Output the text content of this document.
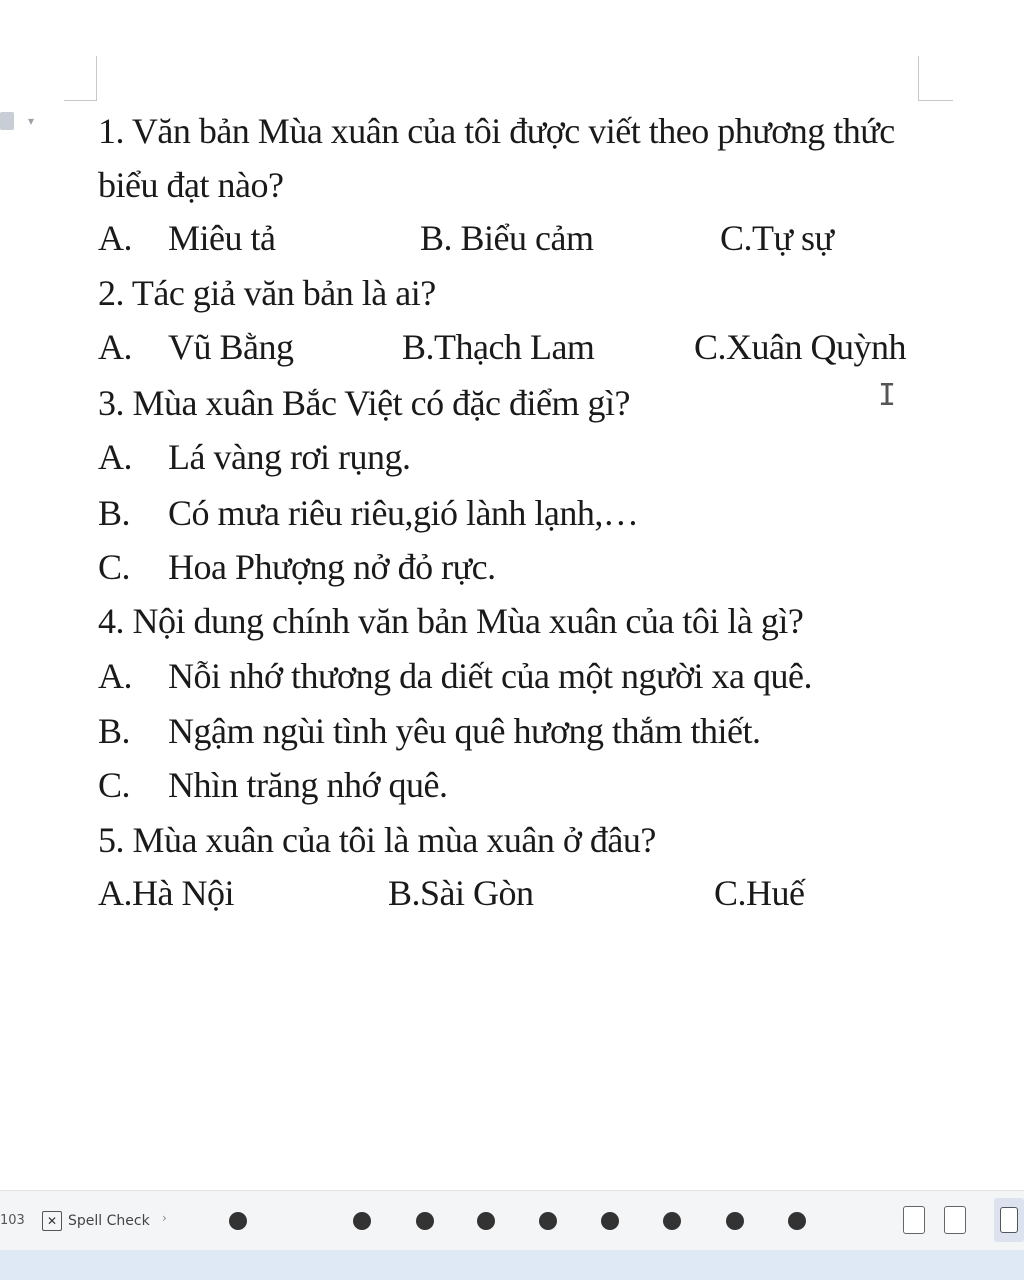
▾ 1. Văn bản Mùa xuân của tôi được viết theo phương thức
biểu đạt nào?
A. Miêu tả	B. Biểu cảm	C.Tự sự
2. Tác giả văn bản là ai?
A. Vũ Bằng	B.Thạch Lam	C.Xuân Quỳnh
I
3. Mùa xuân Bắc Việt có đặc điểm gì?
A. Lá vàng rơi rụng.
B. Có mưa riêu riêu,gió lành lạnh,…
C. Hoa Phượng nở đỏ rực.
4. Nội dung chính văn bản Mùa xuân của tôi là gì?
A. Nỗi nhớ thương da diết của một người xa quê.
B. Ngậm ngùi tình yêu quê hương thắm thiết.
C. Nhìn trăng nhớ quê.
5. Mùa xuân của tôi là mùa xuân ở đâu?
A.Hà Nội	B.Sài Gòn	C.Huế
103	✕ Spell Check ›
